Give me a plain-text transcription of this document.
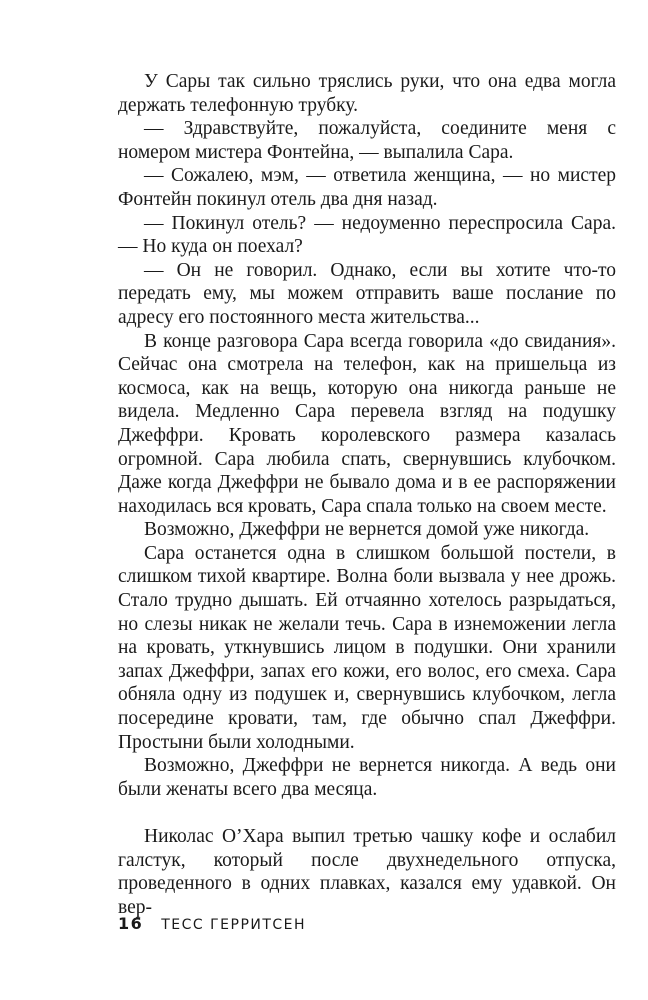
У Сары так сильно тряслись руки, что она едва могла держать телефонную трубку.

— Здравствуйте, пожалуйста, соедините меня с номером мистера Фонтейна, — выпалила Сара.

— Сожалею, мэм, — ответила женщина, — но мистер Фонтейн покинул отель два дня назад.

— Покинул отель? — недоуменно переспросила Сара. — Но куда он поехал?

— Он не говорил. Однако, если вы хотите что-то передать ему, мы можем отправить ваше послание по адресу его постоянного места жительства...

В конце разговора Сара всегда говорила «до свидания». Сейчас она смотрела на телефон, как на пришельца из космоса, как на вещь, которую она никогда раньше не видела. Медленно Сара перевела взгляд на подушку Джеффри. Кровать королевского размера казалась огромной. Сара любила спать, свернувшись клубочком. Даже когда Джеффри не бывало дома и в ее распоряжении находилась вся кровать, Сара спала только на своем месте.

Возможно, Джеффри не вернется домой уже никогда.

Сара останется одна в слишком большой постели, в слишком тихой квартире. Волна боли вызвала у нее дрожь. Стало трудно дышать. Ей отчаянно хотелось разрыдаться, но слезы никак не желали течь. Сара в изнеможении легла на кровать, уткнувшись лицом в подушки. Они хранили запах Джеффри, запах его кожи, его волос, его смеха. Сара обняла одну из подушек и, свернувшись клубочком, легла посередине кровати, там, где обычно спал Джеффри. Простыни были холодными.

Возможно, Джеффри не вернется никогда. А ведь они были женаты всего два месяца.

Николас О’Хара выпил третью чашку кофе и ослабил галстук, который после двухнедельного отпуска, проведенного в одних плавках, казался ему удавкой. Он вер-

16 ТЕСС ГЕРРИТСЕН
